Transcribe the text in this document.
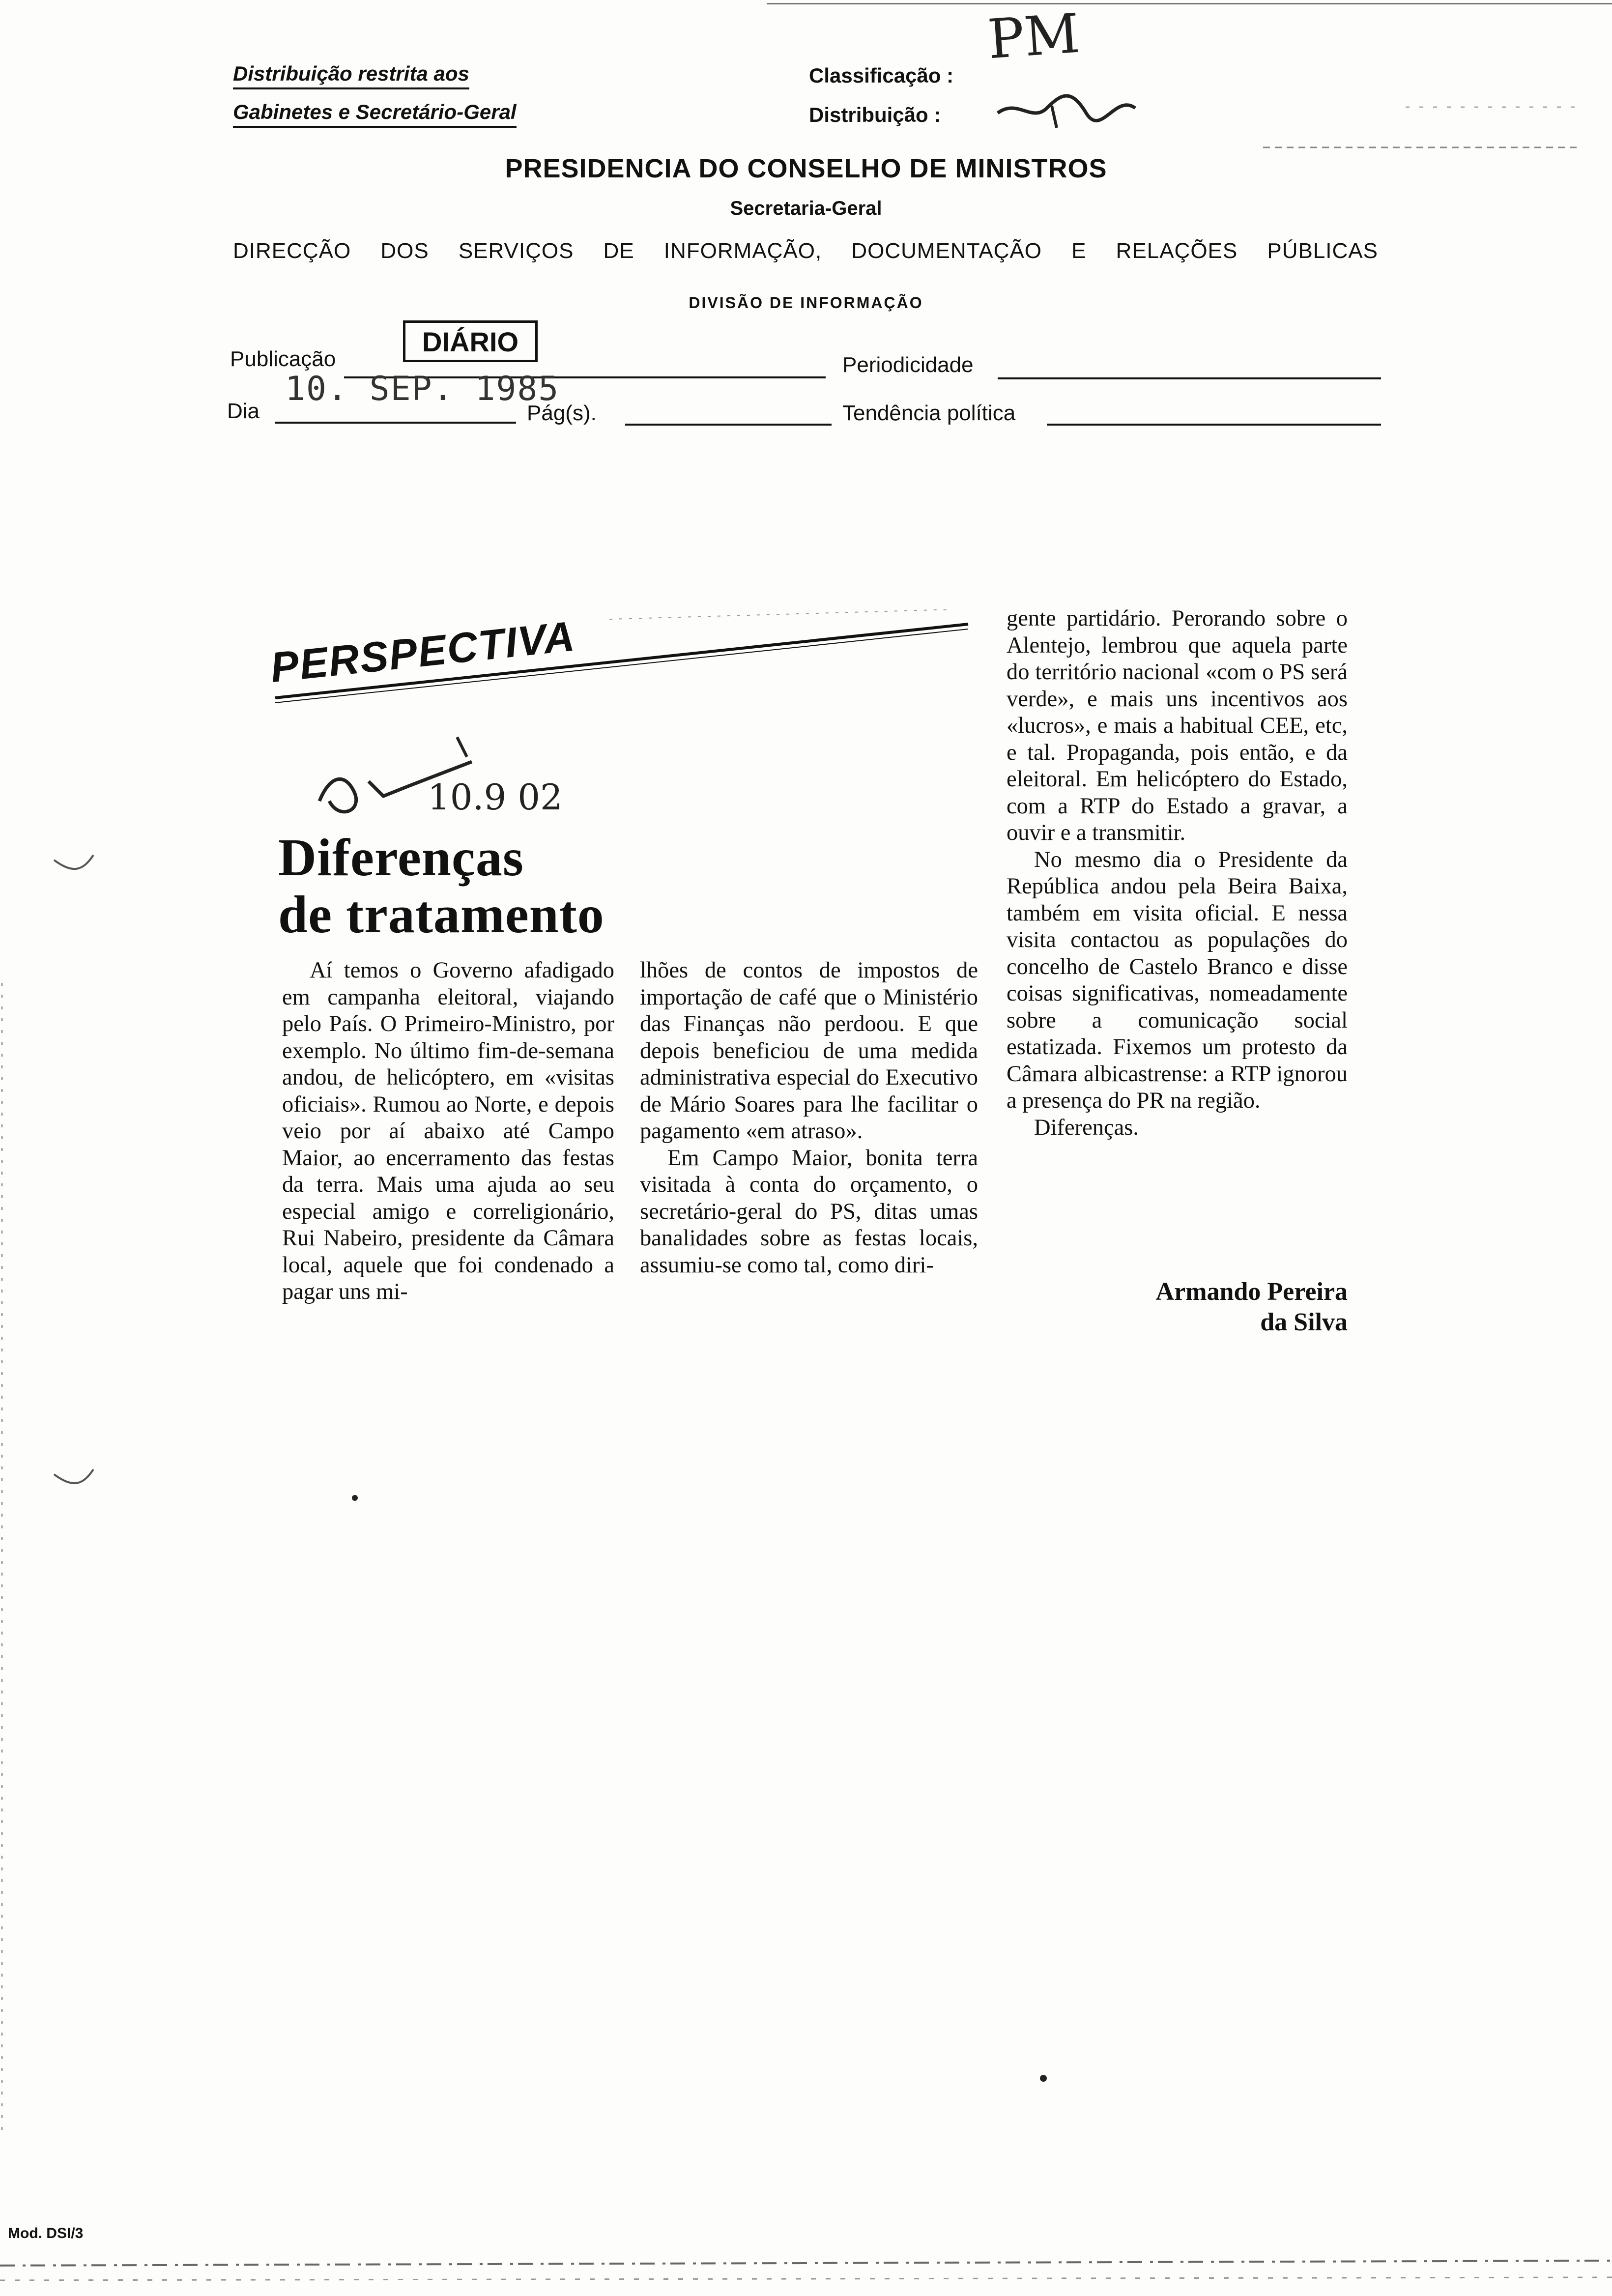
Distribuição restrita aos
Gabinetes e Secretário-Geral
Classificação :
Distribuição :
PM
PRESIDENCIA DO CONSELHO DE MINISTROS
Secretaria-Geral
DIRECÇÃO DOS SERVIÇOS DE INFORMAÇÃO, DOCUMENTAÇÃO E RELAÇÕES PÚBLICAS
DIVISÃO DE INFORMAÇÃO
Publicação
DIÁRIO
10. SEP. 1985
Periodicidade
Dia	Pág(s).	Tendência política
PERSPECTIVA
10.9 02
Diferenças
de tratamento

Aí temos o Governo afadigado em campanha eleitoral, viajando pelo País. O Primeiro-Ministro, por exemplo. No último fim-de-semana andou, de helicóptero, em «visitas oficiais». Rumou ao Norte, e depois veio por aí abaixo até Campo Maior, ao encerramento das festas da terra. Mais uma ajuda ao seu especial amigo e correligionário, Rui Nabeiro, presidente da Câmara local, aquele que foi condenado a pagar uns mi-

lhões de contos de impostos de importação de café que o Ministério das Finanças não perdoou. E que depois beneficiou de uma medida administrativa especial do Executivo de Mário Soares para lhe facilitar o pagamento «em atraso».

Em Campo Maior, bonita terra visitada à conta do orçamento, o secretário-geral do PS, ditas umas banalidades sobre as festas locais, assumiu-se como tal, como diri-

gente partidário. Perorando sobre o Alentejo, lembrou que aquela parte do território nacional «com o PS será verde», e mais uns incentivos aos «lucros», e mais a habitual CEE, etc, e tal. Propaganda, pois então, e da eleitoral. Em helicóptero do Estado, com a RTP do Estado a gravar, a ouvir e a transmitir.

No mesmo dia o Presidente da República andou pela Beira Baixa, também em visita oficial. E nessa visita contactou as populações do concelho de Castelo Branco e disse coisas significativas, nomeadamente sobre a comunicação social estatizada. Fixemos um protesto da Câmara albicastrense: a RTP ignorou a presença do PR na região.

Diferenças.

Armando Pereira
da Silva
Mod. DSI/3
